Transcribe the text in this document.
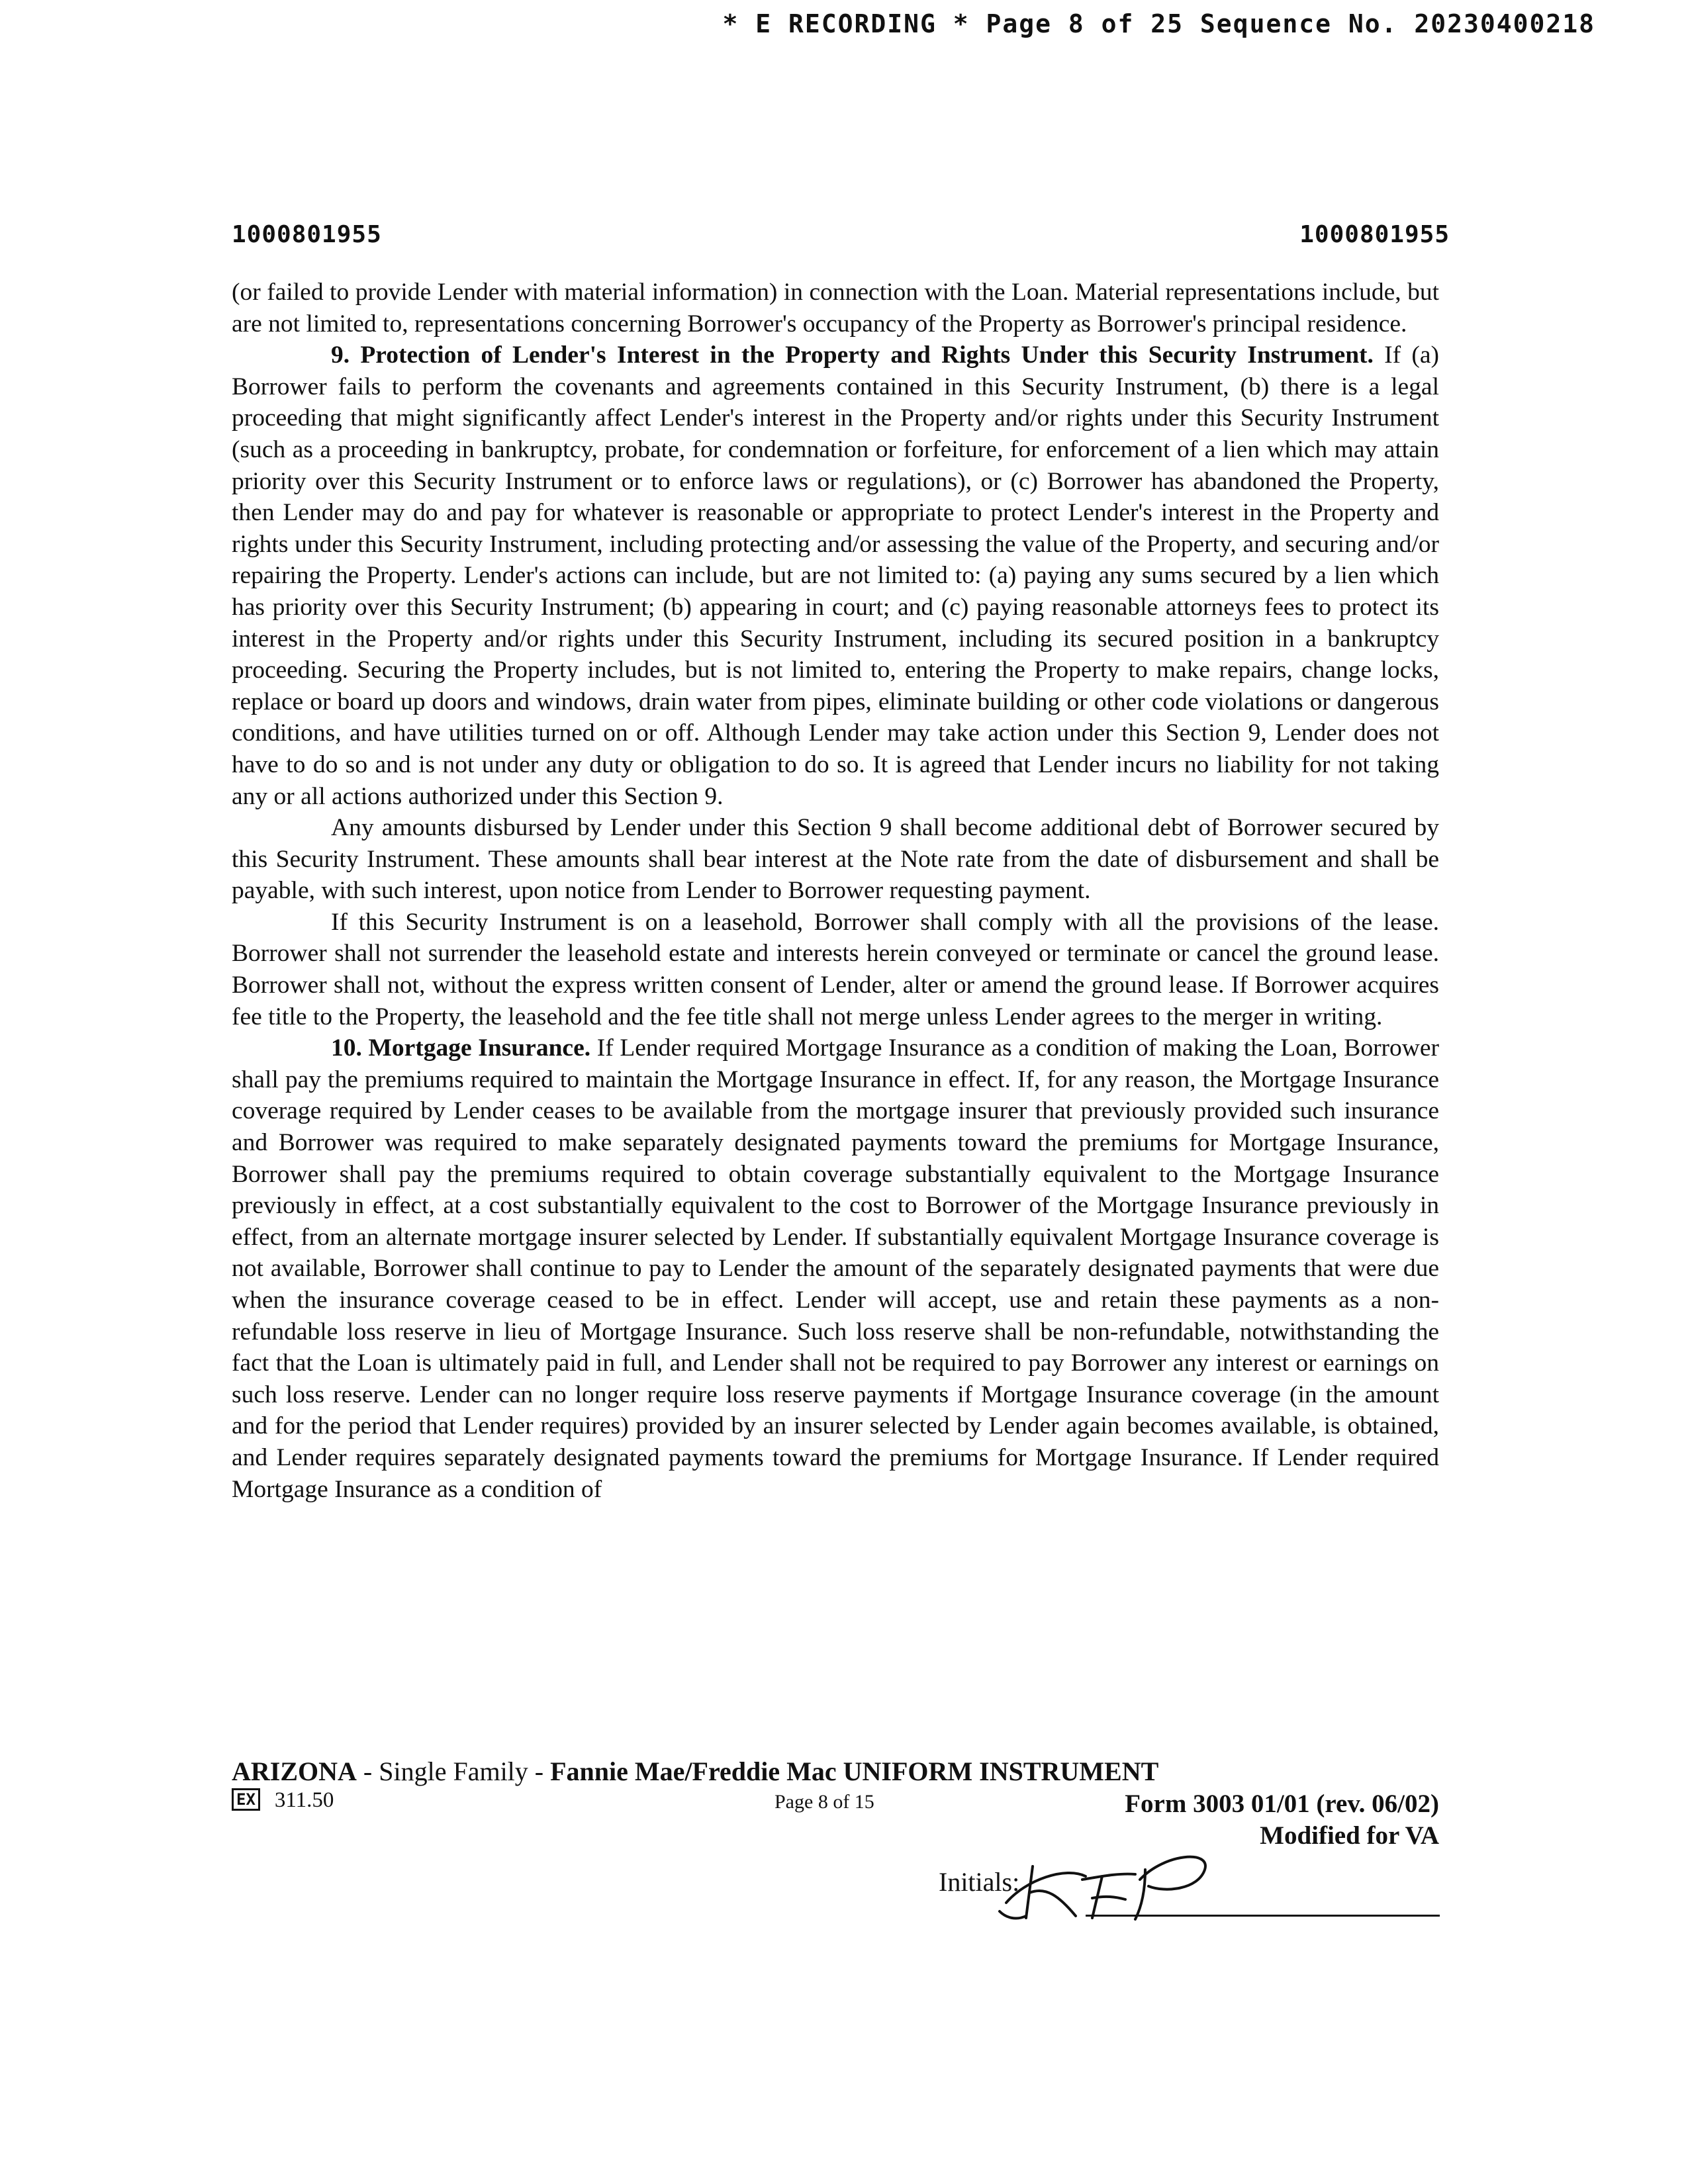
* E RECORDING * Page 8 of 25 Sequence No. 20230400218
1000801955	1000801955

(or failed to provide Lender with material information) in connection with the Loan. Material representations include, but are not limited to, representations concerning Borrower's occupancy of the Property as Borrower's principal residence.

9. Protection of Lender's Interest in the Property and Rights Under this Security Instrument. If (a) Borrower fails to perform the covenants and agreements contained in this Security Instrument, (b) there is a legal proceeding that might significantly affect Lender's interest in the Property and/or rights under this Security Instrument (such as a proceeding in bankruptcy, probate, for condemnation or forfeiture, for enforcement of a lien which may attain priority over this Security Instrument or to enforce laws or regulations), or (c) Borrower has abandoned the Property, then Lender may do and pay for whatever is reasonable or appropriate to protect Lender's interest in the Property and rights under this Security Instrument, including protecting and/or assessing the value of the Property, and securing and/or repairing the Property. Lender's actions can include, but are not limited to: (a) paying any sums secured by a lien which has priority over this Security Instrument; (b) appearing in court; and (c) paying reasonable attorneys fees to protect its interest in the Property and/or rights under this Security Instrument, including its secured position in a bankruptcy proceeding. Securing the Property includes, but is not limited to, entering the Property to make repairs, change locks, replace or board up doors and windows, drain water from pipes, eliminate building or other code violations or dangerous conditions, and have utilities turned on or off. Although Lender may take action under this Section 9, Lender does not have to do so and is not under any duty or obligation to do so. It is agreed that Lender incurs no liability for not taking any or all actions authorized under this Section 9.

Any amounts disbursed by Lender under this Section 9 shall become additional debt of Borrower secured by this Security Instrument. These amounts shall bear interest at the Note rate from the date of disbursement and shall be payable, with such interest, upon notice from Lender to Borrower requesting payment.

If this Security Instrument is on a leasehold, Borrower shall comply with all the provisions of the lease. Borrower shall not surrender the leasehold estate and interests herein conveyed or terminate or cancel the ground lease. Borrower shall not, without the express written consent of Lender, alter or amend the ground lease. If Borrower acquires fee title to the Property, the leasehold and the fee title shall not merge unless Lender agrees to the merger in writing.

10. Mortgage Insurance. If Lender required Mortgage Insurance as a condition of making the Loan, Borrower shall pay the premiums required to maintain the Mortgage Insurance in effect. If, for any reason, the Mortgage Insurance coverage required by Lender ceases to be available from the mortgage insurer that previously provided such insurance and Borrower was required to make separately designated payments toward the premiums for Mortgage Insurance, Borrower shall pay the premiums required to obtain coverage substantially equivalent to the Mortgage Insurance previously in effect, at a cost substantially equivalent to the cost to Borrower of the Mortgage Insurance previously in effect, from an alternate mortgage insurer selected by Lender. If substantially equivalent Mortgage Insurance coverage is not available, Borrower shall continue to pay to Lender the amount of the separately designated payments that were due when the insurance coverage ceased to be in effect. Lender will accept, use and retain these payments as a non-refundable loss reserve in lieu of Mortgage Insurance. Such loss reserve shall be non-refundable, notwithstanding the fact that the Loan is ultimately paid in full, and Lender shall not be required to pay Borrower any interest or earnings on such loss reserve. Lender can no longer require loss reserve payments if Mortgage Insurance coverage (in the amount and for the period that Lender requires) provided by an insurer selected by Lender again becomes available, is obtained, and Lender requires separately designated payments toward the premiums for Mortgage Insurance. If Lender required Mortgage Insurance as a condition of

ARIZONA - Single Family - Fannie Mae/Freddie Mac UNIFORM INSTRUMENT
EX 311.50	Page 8 of 15	Form 3003 01/01 (rev. 06/02)
Modified for VA
Initials:
